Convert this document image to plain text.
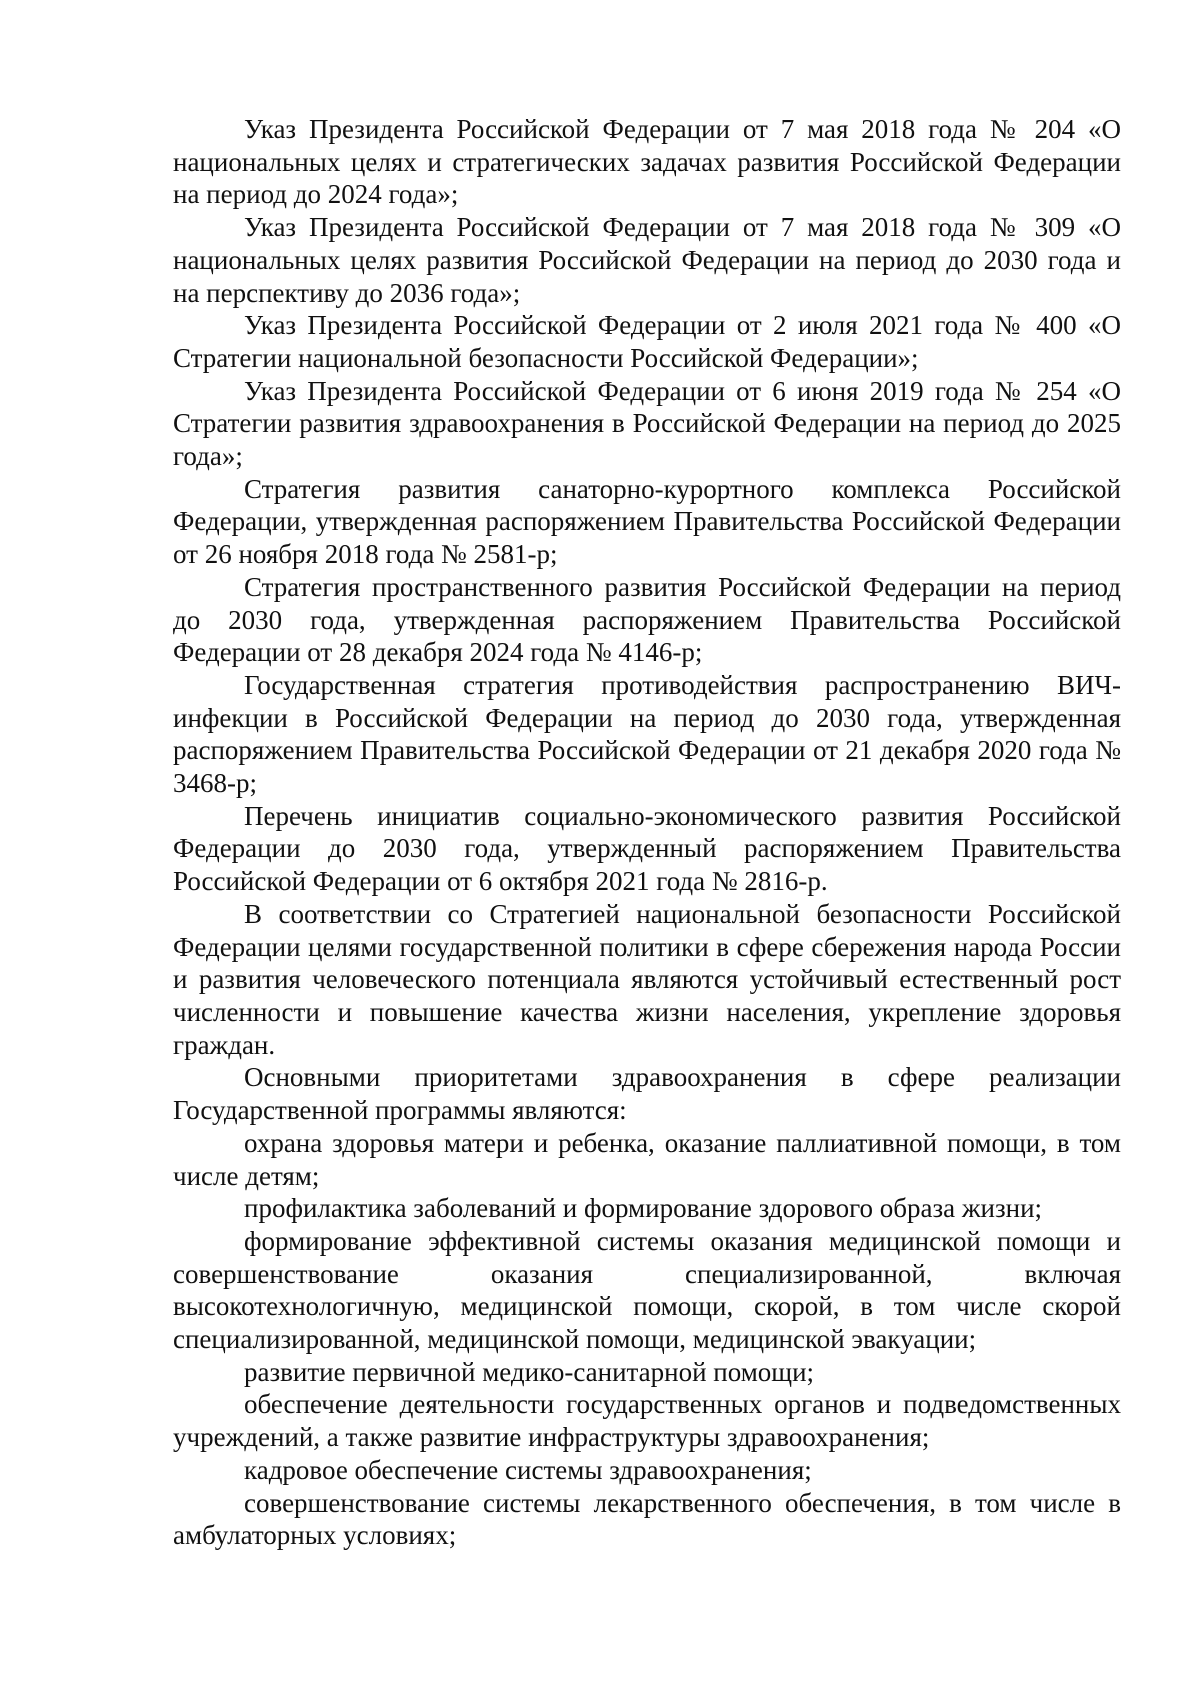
Указ Президента Российской Федерации от 7 мая 2018 года № 204 «О национальных целях и стратегических задачах развития Российской Федерации на период до 2024 года»;

Указ Президента Российской Федерации от 7 мая 2018 года № 309 «О национальных целях развития Российской Федерации на период до 2030 года и на перспективу до 2036 года»;

Указ Президента Российской Федерации от 2 июля 2021 года № 400 «О Стратегии национальной безопасности Российской Федерации»;

Указ Президента Российской Федерации от 6 июня 2019 года № 254 «О Стратегии развития здравоохранения в Российской Федерации на период до 2025 года»;

Стратегия развития санаторно-курортного комплекса Российской Федерации, утвержденная распоряжением Правительства Российской Федерации от 26 ноября 2018 года № 2581-р;

Стратегия пространственного развития Российской Федерации на период до 2030 года, утвержденная распоряжением Правительства Российской Федерации от 28 декабря 2024 года № 4146-р;

Государственная стратегия противодействия распространению ВИЧ-инфекции в Российской Федерации на период до 2030 года, утвержденная распоряжением Правительства Российской Федерации от 21 декабря 2020 года № 3468-р;

Перечень инициатив социально-экономического развития Российской Федерации до 2030 года, утвержденный распоряжением Правительства Российской Федерации от 6 октября 2021 года № 2816-р.

В соответствии со Стратегией национальной безопасности Российской Федерации целями государственной политики в сфере сбережения народа России и развития человеческого потенциала являются устойчивый естественный рост численности и повышение качества жизни населения, укрепление здоровья граждан.

Основными приоритетами здравоохранения в сфере реализации Государственной программы являются:

охрана здоровья матери и ребенка, оказание паллиативной помощи, в том числе детям;

профилактика заболеваний и формирование здорового образа жизни;

формирование эффективной системы оказания медицинской помощи и совершенствование оказания специализированной, включая высокотехнологичную, медицинской помощи, скорой, в том числе скорой специализированной, медицинской помощи, медицинской эвакуации;

развитие первичной медико-санитарной помощи;

обеспечение деятельности государственных органов и подведомственных учреждений, а также развитие инфраструктуры здравоохранения;

кадровое обеспечение системы здравоохранения;

совершенствование системы лекарственного обеспечения, в том числе в амбулаторных условиях;
